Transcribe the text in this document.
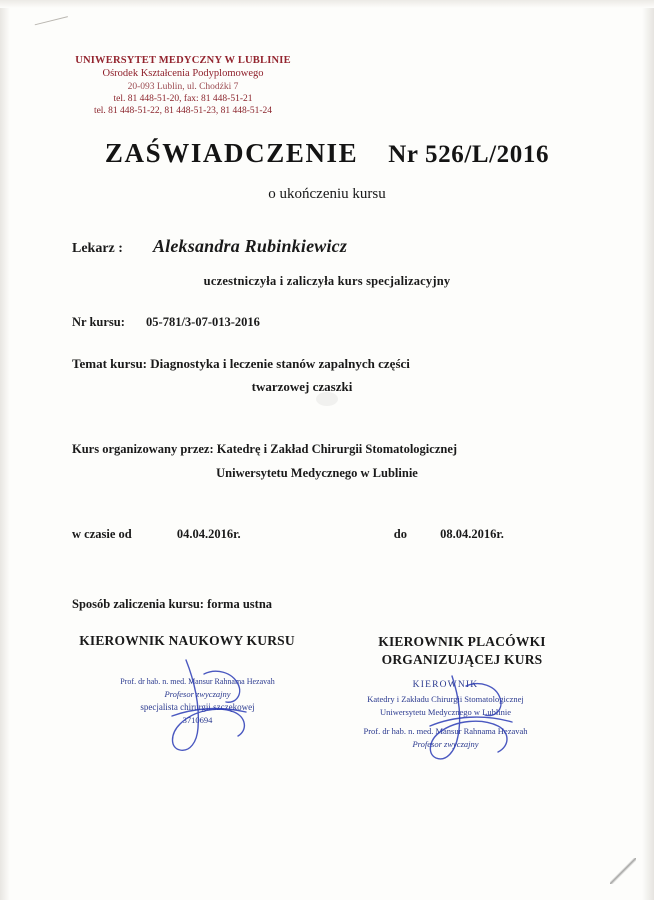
UNIWERSYTET MEDYCZNY W LUBLINIE
Ośrodek Kształcenia Podyplomowego
20-093 Lublin, ul. Chodźki 7
tel. 81 448-51-20, fax: 81 448-51-21
tel. 81 448-51-22, 81 448-51-23, 81 448-51-24
ZAŚWIADCZENIE Nr 526/L/2016
o ukończeniu kursu
Lekarz : Aleksandra Rubinkiewicz
uczestniczyła i zaliczyła kurs specjalizacyjny
Nr kursu: 05-781/3-07-013-2016
Temat kursu: Diagnostyka i leczenie stanów zapalnych części
twarzowej czaszki
Kurs organizowany przez: Katedrę i Zakład Chirurgii Stomatologicznej
Uniwersytetu Medycznego w Lublinie
w czasie od	04.04.2016r.	do	08.04.2016r.
Sposób zaliczenia kursu: forma ustna
KIEROWNIK NAUKOWY KURSU	KIEROWNIK PLACÓWKI
ORGANIZUJĄCEJ KURS
Prof. dr hab. n. med. Mansur Rahnama Hezavah
Profesor zwyczajny
specjalista chirurgii szczękowej
3710694
KIEROWNIK
Katedry i Zakładu Chirurgii Stomatologicznej
Uniwersytetu Medycznego w Lublinie
Prof. dr hab. n. med. Mansur Rahnama Hezavah
Profesor zwyczajny
